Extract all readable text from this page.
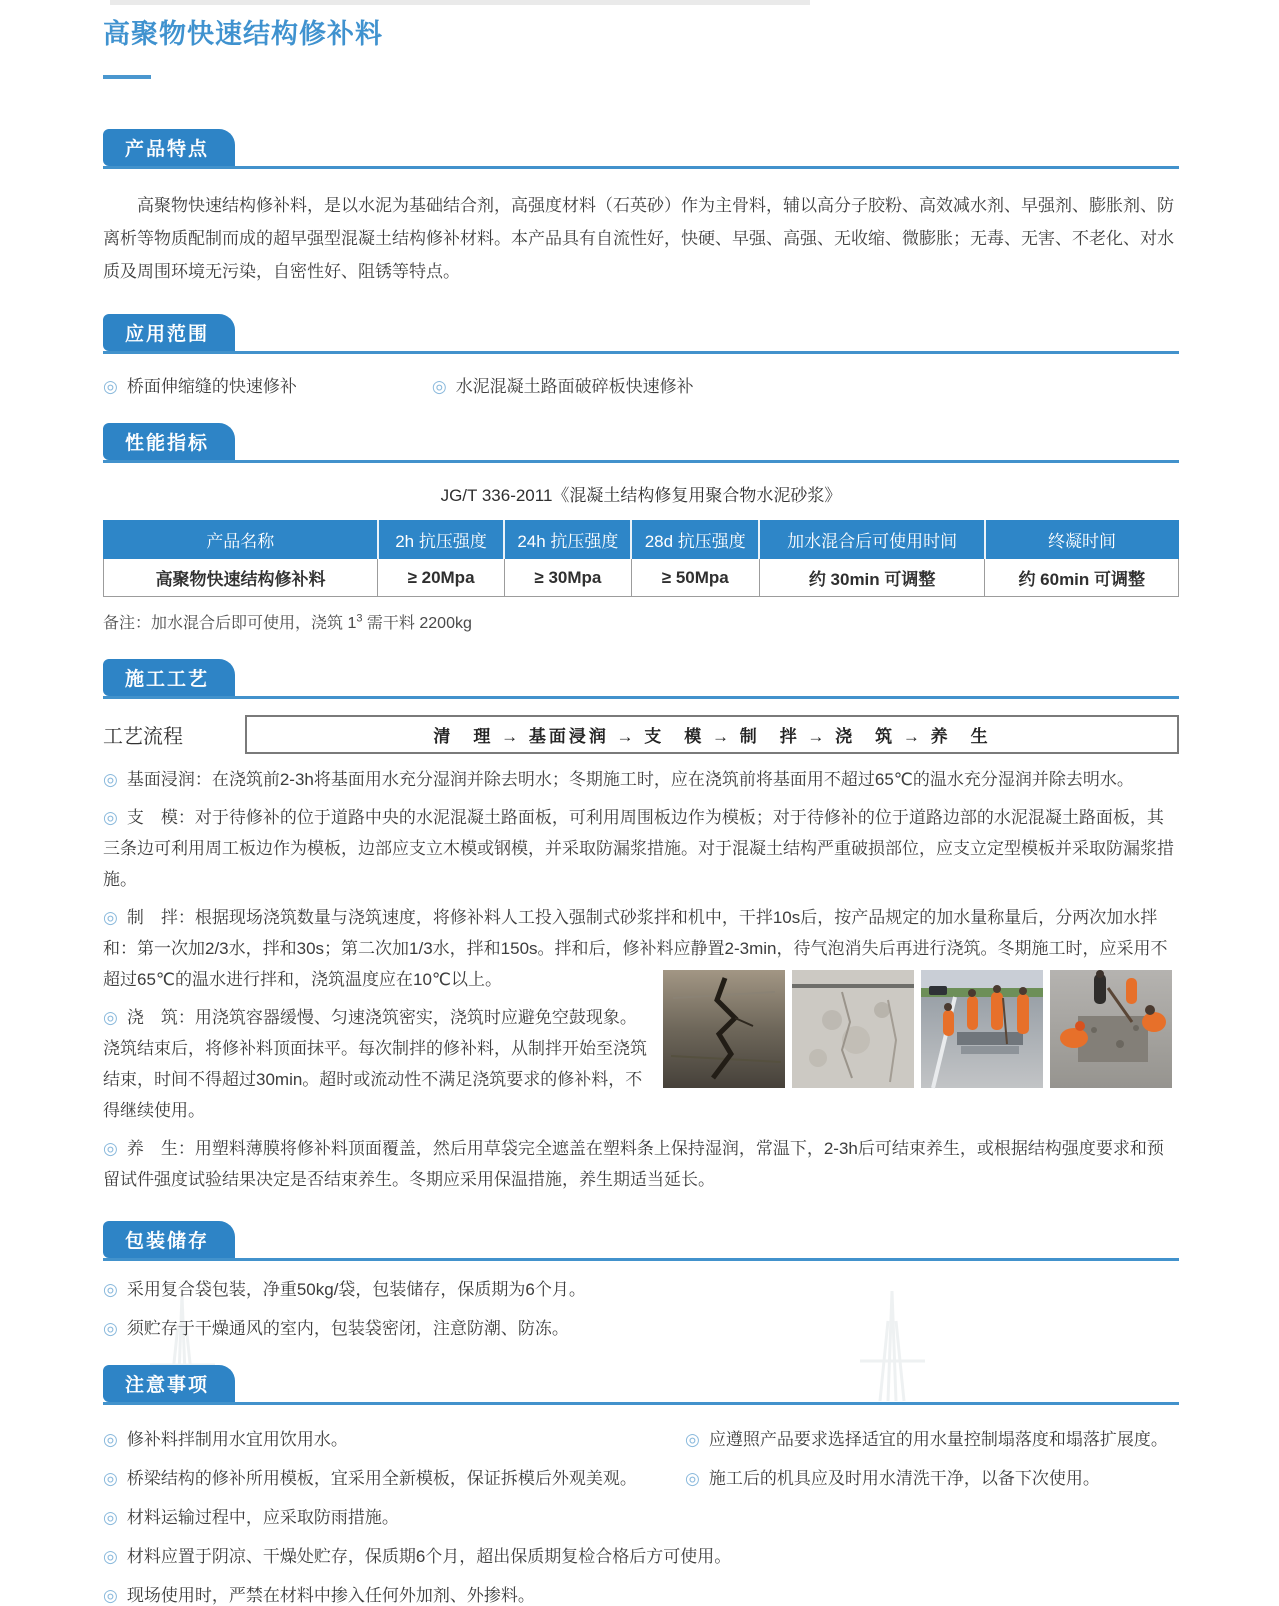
高聚物快速结构修补料
产品特点
高聚物快速结构修补料，是以水泥为基础结合剂，高强度材料（石英砂）作为主骨料，辅以高分子胶粉、高效减水剂、早强剂、膨胀剂、防离析等物质配制而成的超早强型混凝土结构修补材料。本产品具有自流性好，快硬、早强、高强、无收缩、微膨胀；无毒、无害、不老化、对水质及周围环境无污染，自密性好、阻锈等特点。
应用范围
◎ 桥面伸缩缝的快速修补	◎ 水泥混凝土路面破碎板快速修补
性能指标
JG/T 336-2011《混凝土结构修复用聚合物水泥砂浆》
产品名称	2h 抗压强度	24h 抗压强度	28d 抗压强度	加水混合后可使用时间	终凝时间
高聚物快速结构修补料	≥ 20Mpa	≥ 30Mpa	≥ 50Mpa	约 30min 可调整	约 60min 可调整
备注：加水混合后即可使用，浇筑 $1^3$ 需干料 2200kg
施工工艺
工艺流程	清　理 → 基面浸润 → 支　模 → 制　拌 → 浇　筑 → 养　生
◎ 基面浸润：在浇筑前2-3h将基面用水充分湿润并除去明水；冬期施工时，应在浇筑前将基面用不超过65℃的温水充分湿润并除去明水。
◎ 支　模：对于待修补的位于道路中央的水泥混凝土路面板，可利用周围板边作为模板；对于待修补的位于道路边部的水泥混凝土路面板，其三条边可利用周工板边作为模板，边部应支立木模或钢模，并采取防漏浆措施。对于混凝土结构严重破损部位，应支立定型模板并采取防漏浆措施。
◎ 制　拌：根据现场浇筑数量与浇筑速度，将修补料人工投入强制式砂浆拌和机中，干拌10s后，按产品规定的加水量称量后，分两次加水拌和：第一次加2/3水，拌和30s；第二次加1/3水，拌和150s。拌和后，修补料应静置2-3min，待气泡消失后再进行浇筑。冬期施工时，应采用不
超过65℃的温水进行拌和，浇筑温度应在10℃以上。
◎ 浇　筑：用浇筑容器缓慢、匀速浇筑密实，浇筑时应避免空鼓现象。浇筑结束后，将修补料顶面抹平。每次制拌的修补料，从制拌开始至浇筑结束，时间不得超过30min。超时或流动性不满足浇筑要求的修补料，不得继续使用。
◎ 养　生：用塑料薄膜将修补料顶面覆盖，然后用草袋完全遮盖在塑料条上保持湿润，常温下，2-3h后可结束养生，或根据结构强度要求和预留试件强度试验结果决定是否结束养生。冬期应采用保温措施，养生期适当延长。
包装储存
◎ 采用复合袋包装，净重50kg/袋，包装储存，保质期为6个月。
◎ 须贮存于干燥通风的室内，包装袋密闭，注意防潮、防冻。
注意事项
◎ 修补料拌制用水宜用饮用水。	◎ 应遵照产品要求选择适宜的用水量控制塌落度和塌落扩展度。
◎ 桥梁结构的修补所用模板，宜采用全新模板，保证拆模后外观美观。	◎ 施工后的机具应及时用水清洗干净，以备下次使用。
◎ 材料运输过程中，应采取防雨措施。
◎ 材料应置于阴凉、干燥处贮存，保质期6个月，超出保质期复检合格后方可使用。
◎ 现场使用时，严禁在材料中掺入任何外加剂、外掺料。
